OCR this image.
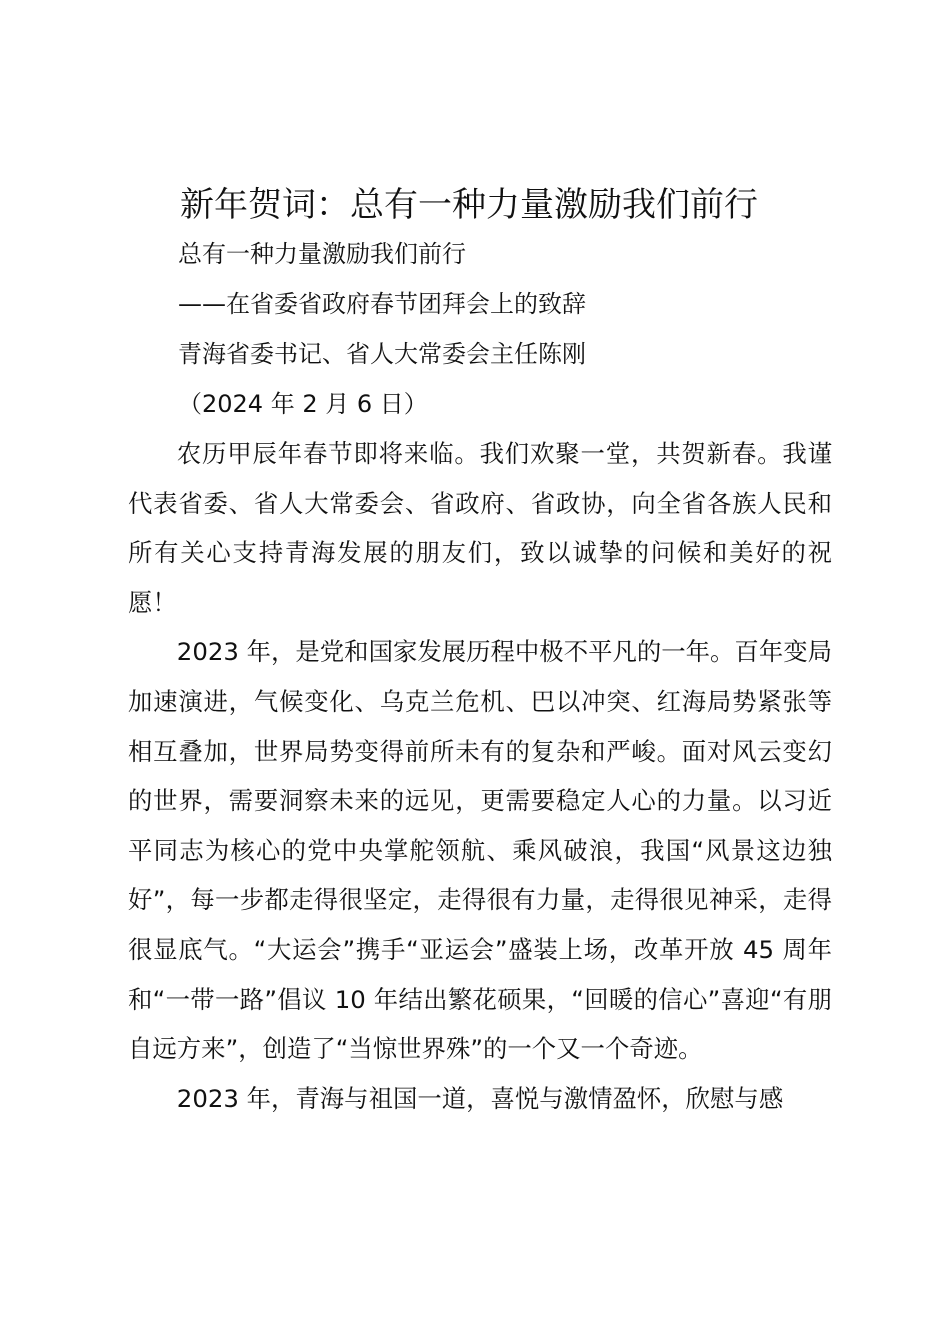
新年贺词：总有一种力量激励我们前行
总有一种力量激励我们前行
——在省委省政府春节团拜会上的致辞
青海省委书记、省人大常委会主任陈刚
（2024 年 2 月 6 日）

农历甲辰年春节即将来临。我们欢聚一堂，共贺新春。我谨代表省委、省人大常委会、省政府、省政协，向全省各族人民和所有关心支持青海发展的朋友们，致以诚挚的问候和美好的祝愿！

2023 年，是党和国家发展历程中极不平凡的一年。百年变局加速演进，气候变化、乌克兰危机、巴以冲突、红海局势紧张等相互叠加，世界局势变得前所未有的复杂和严峻。面对风云变幻的世界，需要洞察未来的远见，更需要稳定人心的力量。以习近平同志为核心的党中央掌舵领航、乘风破浪，我国“风景这边独好”，每一步都走得很坚定，走得很有力量，走得很见神采，走得很显底气。“大运会”携手“亚运会”盛装上场，改革开放 45 周年和“一带一路”倡议 10 年结出繁花硕果，“回暖的信心”喜迎“有朋自远方来”，创造了“当惊世界殊”的一个又一个奇迹。

2023 年，青海与祖国一道，喜悦与激情盈怀，欣慰与感
